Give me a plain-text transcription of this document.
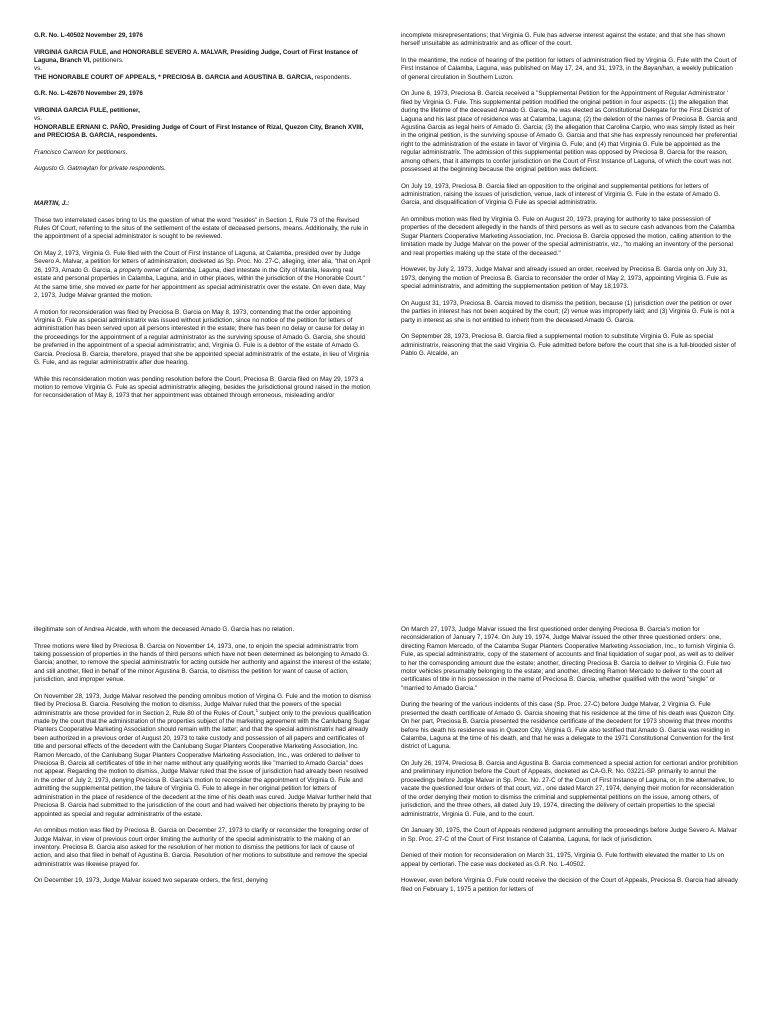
G.R. No. L-40502 November 29, 1976

VIRGINIA GARCIA FULE, and HONORABLE SEVERO A. MALVAR, Presiding Judge, Court of First Instance of Laguna, Branch VI, petitioners.
vs.
THE HONORABLE COURT OF APPEALS, * PRECIOSA B. GARCIA and AGUSTINA B. GARCIA, respondents.

G.R. No. L-42670 November 29, 1976

VIRGINIA GARCIA FULE, petitioner,
vs.
HONORABLE ERNANI C. PAÑO, Presiding Judge of Court of First Instance of Rizal, Quezon City, Branch XVIII, and PRECIOSA B. GARCIA, respondents.

Francisco Carreon for petitioners.

Augusto G. Gatmaytan for private respondents.

MARTIN, J.:

These two interrelated cases bring to Us the question of what the word "resides" in Section 1, Rule 73 of the Revised Rules Of Court, referring to the situs of the settlement of the estate of deceased persons, means. Additionally, the rule in the appointment of a special administrator is sought to be reviewed.

On May 2, 1973, Virginia G. Fule filed with the Court of First Instance of Laguna, at Calamba, presided over by Judge Severo A. Malvar, a petition for letters of administration, docketed as Sp. Proc. No. 27-C, alleging, inter alia, "that on April 26, 1973, Amado G. Garcia, a property owner of Calamba, Laguna, died intestate in the City of Manila, leaving real estate and personal properties in Calamba, Laguna, and in other places, within the jurisdiction of the Honorable Court." At the same time, she moved ex parte for her appointment as special administratrix over the estate. On even date, May 2, 1973, Judge Malvar granted the motion.

A motion for reconsideration was filed by Preciosa B. Garcia on May 8, 1973, contending that the order appointing Virginia G. Fule as special administratrix was issued without jurisdiction, since no notice of the petition for letters of administration has been served upon all persons interested in the estate; there has been no delay or cause for delay in the proceedings for the appointment of a regular administrator as the surviving spouse of Amado G. Garcia, she should be preferred in the appointment of a special administratrix; and, Virginia G. Fule is a debtor of the estate of Amado G. Garcia. Preciosa B. Garcia, therefore, prayed that she be appointed special administratrix of the estate, in lieu of Virginia G. Fule, and as regular administratrix after due hearing.

While this reconsideration motion was pending resolution before the Court, Preciosa B. Garcia filed on May 29, 1973 a motion to remove Virginia G. Fule as special administratrix alleging, besides the jurisdictional ground raised in the motion for reconsideration of May 8, 1973 that her appointment was obtained through erroneous, misleading and/or

incomplete misrepresentations; that Virginia G. Fule has adverse interest against the estate; and that she has shown herself unsuitable as administratrix and as officer of the court.

In the meantime, the notice of hearing of the petition for letters of administration filed by Virginia G. Fule with the Court of First Instance of Calamba, Laguna, was published on May 17, 24, and 31, 1973, in the Bayanihan, a weekly publication of general circulation in Southern Luzon.

On June 6, 1973, Preciosa B. Garcia received a "Supplemental Petition for the Appointment of Regular Administrator ' filed by Virginia G. Fule. This supplemental petition modified the original petition in four aspects: (1) the allegation that during the lifetime of the deceased Amado G. Garcia, he was elected as Constitutional Delegate for the First District of Laguna and his last place of residence was at Calamba, Laguna; (2) the deletion of the names of Preciosa B. Garcia and Agustina Garcia as legal heirs of Amado G. Garcia; (3) the allegation that Carolina Carpio, who was simply listed as heir in the original petition, is the surviving spouse of Amado G. Garcia and that she has expressly renounced her preferential right to the administration of the estate in favor of Virginia G. Fule; and (4) that Virginia G. Fule be appointed as the regular administratrix. The admission of this supplemental petition was opposed by Preciosa B. Garcia for the reason, among others, that it attempts to confer jurisdiction on the Court of First Instance of Laguna, of which the court was not possessed at the beginning because the original petition was deficient.

On July 19, 1973, Preciosa B. Garcia filed an opposition to the original and supplemental petitions for letters of administration, raising the issues of jurisdiction, venue, lack of interest of Virginia G. Fule in the estate of Amado G. Garcia, and disqualification of Virginia G Fule as special administratrix.

An omnibus motion was filed by Virginia G. Fule on August 20, 1973, praying for authority to take possession of properties of the decedent allegedly in the hands of third persons as well as to secure cash advances from the Calamba Sugar Planters Cooperative Marketing Association, Inc. Preciosa B. Garcia opposed the motion, calling attention to the limitation made by Judge Malvar on the power of the special administratrix, viz., "to making an inventory of the personal and real properties making up the state of the deceased."

However, by July 2, 1973, Judge Malvar and already issued an order, received by Preciosa B. Garcia only on July 31, 1973, denying the motion of Preciosa B. Garcia to reconsider the order of May 2, 1973, appointing Virginia G. Fule as special administratrix, and admitting the supplementation petition of May 18,1973.

On August 31, 1973, Preciosa B. Garcia moved to dismiss the petition, because (1) jurisdiction over the petition or over the parties in interest has not been acquired by the court; (2) venue was improperly laid; and (3) Virginia G. Fule is not a party in interest as she is not entitled to inherit from the deceased Amado G. Garcia.

On September 28, 1973, Preciosa B. Garcia filed a supplemental motion to substitute Virginia G. Fule as special administratrix, reasoning that the said Virginia G. Fule admitted before before the court that she is a full-blooded sister of Pablo G. Alcalde, an

illegitimate son of Andrea Alcalde, with whom the deceased Amado G. Garcia has no relation.

Three motions were filed by Preciosa B. Garcia on November 14, 1973, one, to enjoin the special administratrix from taking possession of properties in the hands of third persons which have not been determined as belonging to Amado G. Garcia; another, to remove the special administratrix for acting outside her authority and against the interest of the estate; and still another, filed in behalf of the minor Agustina B. Garcia, to dismiss the petition for want of cause of action, jurisdiction, and improper venue.

On November 28, 1973, Judge Malvar resolved the pending omnibus motion of Virgina G. Fule and the motion to dismiss filed by Preciosa B. Garcia. Resolving the motion to dismiss, Judge Malvar ruled that the powers of the special administratrix are those provided for in Section 2, Rule 80 of the Rules of Court,$^1$ subject only to the previous qualification made by the court that the administration of the properties subject of the marketing agreement with the Canlubang Sugar Planters Cooperative Marketing Association should remain with the latter; and that the special administratrix had already been authorized in a previous order of August 20, 1973 to take custody and possession of all papers and certificates of title and personal effects of the decedent with the Canlubang Sugar Planters Cooperative Marketing Association, Inc. Ramon Mercado, of the Canlubang Sugar Planters Cooperative Marketing Association, Inc., was ordered to deliver to Preciosa B. Garcia all certificates of title in her name without any qualifying words like "married to Amado Garcia" does not appear. Regarding the motion to dismiss, Judge Malvar ruled that the issue of jurisdiction had already been resolved in the order of July 2, 1973, denying Preciosa B. Garcia's motion to reconsider the appointment of Virginia G. Fule and admitting the supplemental petition, the failure of Virginia G. Fule to allege in her original petition for letters of administration in the place of residence of the decedent at the time of his death was cured. Judge Malvar further held that Preciosa B. Garcia had submitted to the jurisdiction of the court and had waived her objections thereto by praying to be appointed as special and regular administratrix of the estate.

An omnibus motion was filed by Preciosa B. Garcia on December 27, 1973 to clarify or reconsider the foregoing order of Judge Malvar, in view of previous court order limiting the authority of the special administratrix to the making of an inventory. Preciosa B. Garcia also asked for the resolution of her motion to dismiss the petitions for lack of cause of action, and also that filed in behalf of Agustina B. Garcia. Resolution of her motions to substitute and remove the special administratrix was likewise prayed for.

On December 19, 1973, Judge Malvar issued two separate orders, the first, denying

On March 27, 1973, Judge Malvar issued the first questioned order denying Preciosa B. Garcia's motion for reconsideration of January 7, 1974. On July 19, 1974, Judge Malvar issued the other three questioned orders: one, directing Ramon Mercado, of the Calamba Sugar Planters Cooperative Marketing Association, Inc., to furnish Virginia G. Fule, as special administratrix, copy of the statement of accounts and final liquidation of sugar pool, as well as to deliver to her the corresponding amount due the estate; another, directing Preciosa B. Garcia to deliver to Virginia G. Fule two motor vehicles presumably belonging to the estate; and another, directing Ramon Mercado to deliver to the court all certificates of title in his possession in the name of Preciosa B. Garcia, whether qualified with the word "single" or "married to Amado Garcia."

During the hearing of the various incidents of this case (Sp. Proc. 27-C) before Judge Malvar, 2 Virginia G. Fule presented the death certificate of Amado G. Garcia showing that his residence at the time of his death was Quezon City. On her part, Preciosa B. Garcia presented the residence certificate of the decedent for 1973 showing that three months before his death his residence was in Quezon City. Virginia G. Fule also testified that Amado G. Garcia was residing in Calamba, Laguna at the time of his death, and that he was a delegate to the 1971 Constitutional Convention for the first district of Laguna.

On July 26, 1974, Preciosa B. Garcia and Agustina B. Garcia commenced a special action for certiorari and/or prohibition and preliminary injunction before the Court of Appeals, docketed as CA-G.R. No. 03221-SP. primarily to annul the proceedings before Judge Malvar in Sp. Proc. No. 27-C of the Court of First Instance of Laguna, or, in the alternative, to vacate the questioned four orders of that court, viz., one dated March 27, 1974, denying their motion for reconsideration of the order denying their motion to dismiss the criminal and supplemental petitions on the issue, among others, of jurisdiction, and the three others, all dated July 19, 1974, directing the delivery of certain properties to the special administratrix, Virginia G. Fule, and to the court.

On January 30, 1975, the Court of Appeals rendered judgment annulling the proceedings before Judge Severo A. Malvar in Sp. Proc. 27-C of the Court of First Instance of Calamba, Laguna, for lack of jurisdiction.

Denied of their motion for reconsideration on March 31, 1975, Virginia G. Fule forthwith elevated the matter to Us on appeal by certiorari. The case was docketed as G.R. No. L-40502.

However, even before Virginia G. Fule could receive the decision of the Court of Appeals, Preciosa B. Garcia had already filed on February 1, 1975 a petition for letters of
